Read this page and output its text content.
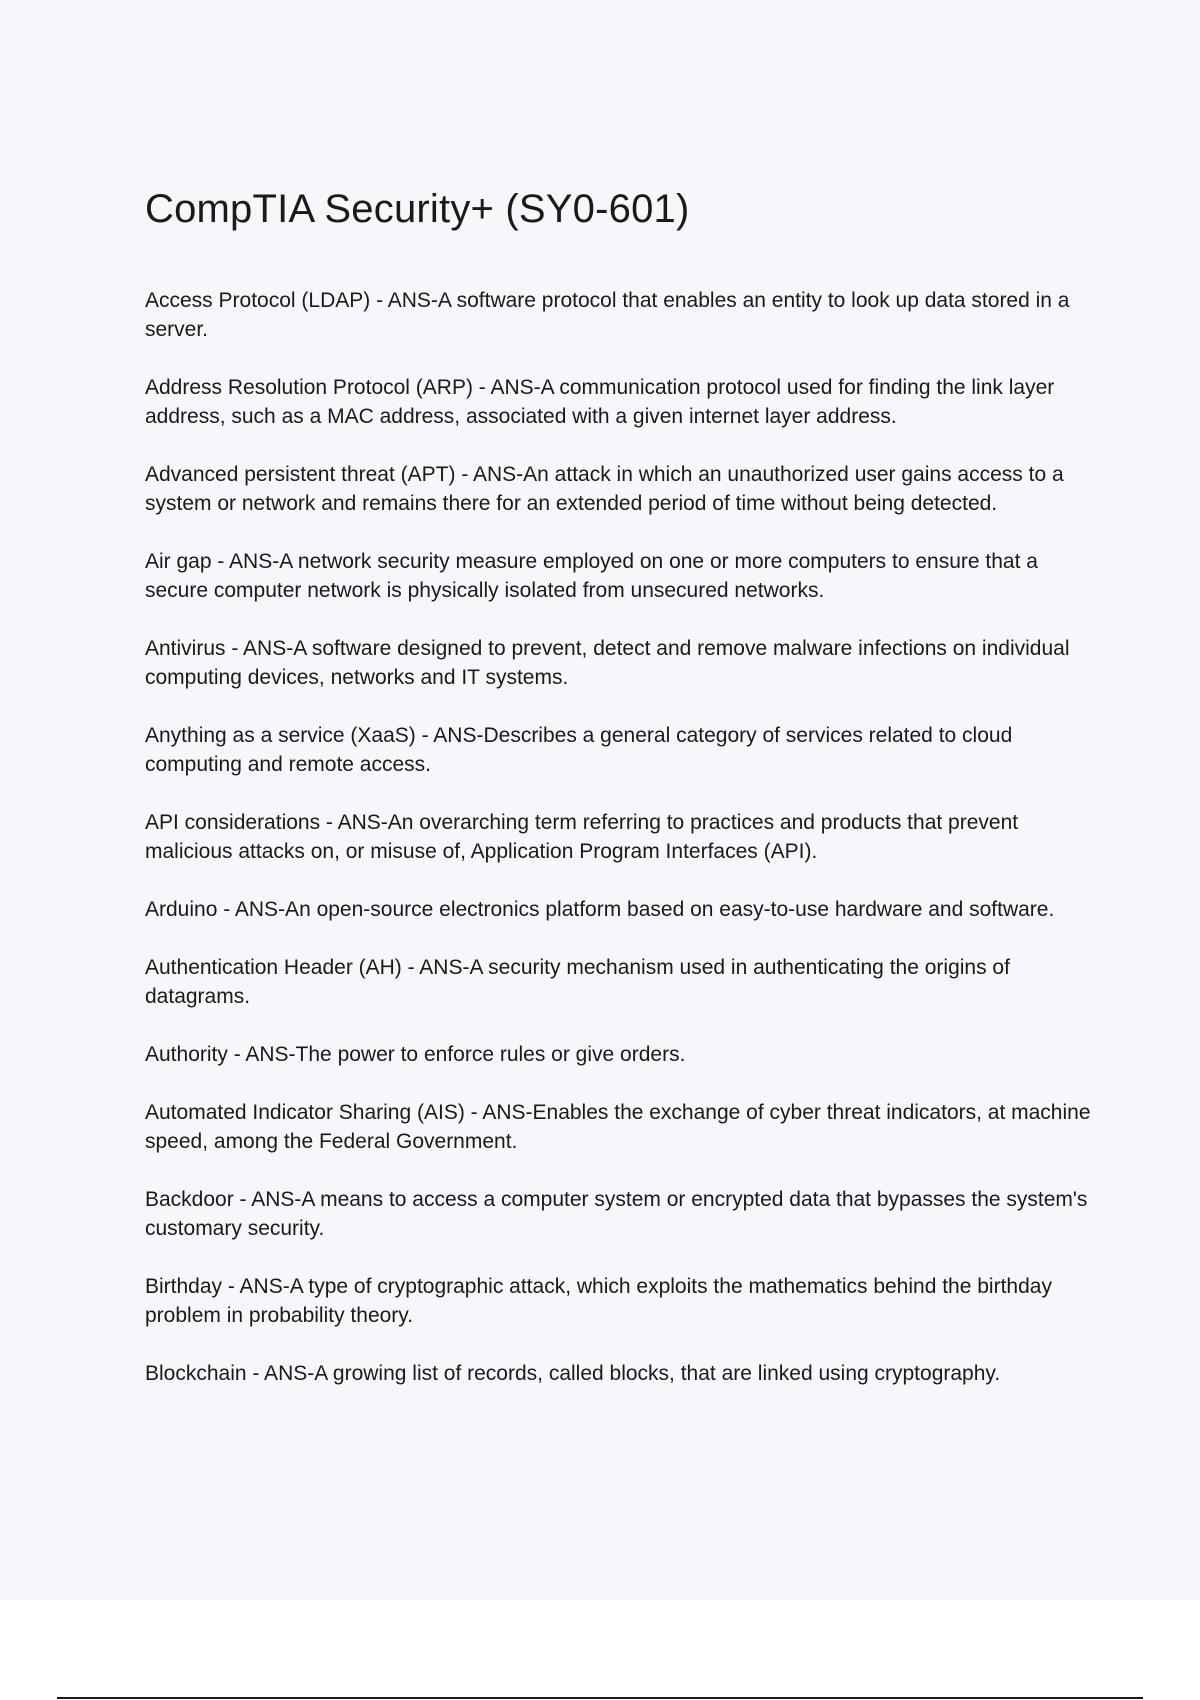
CompTIA Security+ (SY0-601)

Access Protocol (LDAP) - ANS-A software protocol that enables an entity to look up data stored in a server.

Address Resolution Protocol (ARP) - ANS-A communication protocol used for finding the link layer address, such as a MAC address, associated with a given internet layer address.

Advanced persistent threat (APT) - ANS-An attack in which an unauthorized user gains access to a system or network and remains there for an extended period of time without being detected.

Air gap - ANS-A network security measure employed on one or more computers to ensure that a secure computer network is physically isolated from unsecured networks.

Antivirus - ANS-A software designed to prevent, detect and remove malware infections on individual computing devices, networks and IT systems.

Anything as a service (XaaS) - ANS-Describes a general category of services related to cloud computing and remote access.

API considerations - ANS-An overarching term referring to practices and products that prevent malicious attacks on, or misuse of, Application Program Interfaces (API).

Arduino - ANS-An open-source electronics platform based on easy-to-use hardware and software.

Authentication Header (AH) - ANS-A security mechanism used in authenticating the origins of datagrams.

Authority - ANS-The power to enforce rules or give orders.

Automated Indicator Sharing (AIS) - ANS-Enables the exchange of cyber threat indicators, at machine speed, among the Federal Government.

Backdoor - ANS-A means to access a computer system or encrypted data that bypasses the system's customary security.

Birthday - ANS-A type of cryptographic attack, which exploits the mathematics behind the birthday problem in probability theory.

Blockchain - ANS-A growing list of records, called blocks, that are linked using cryptography.
